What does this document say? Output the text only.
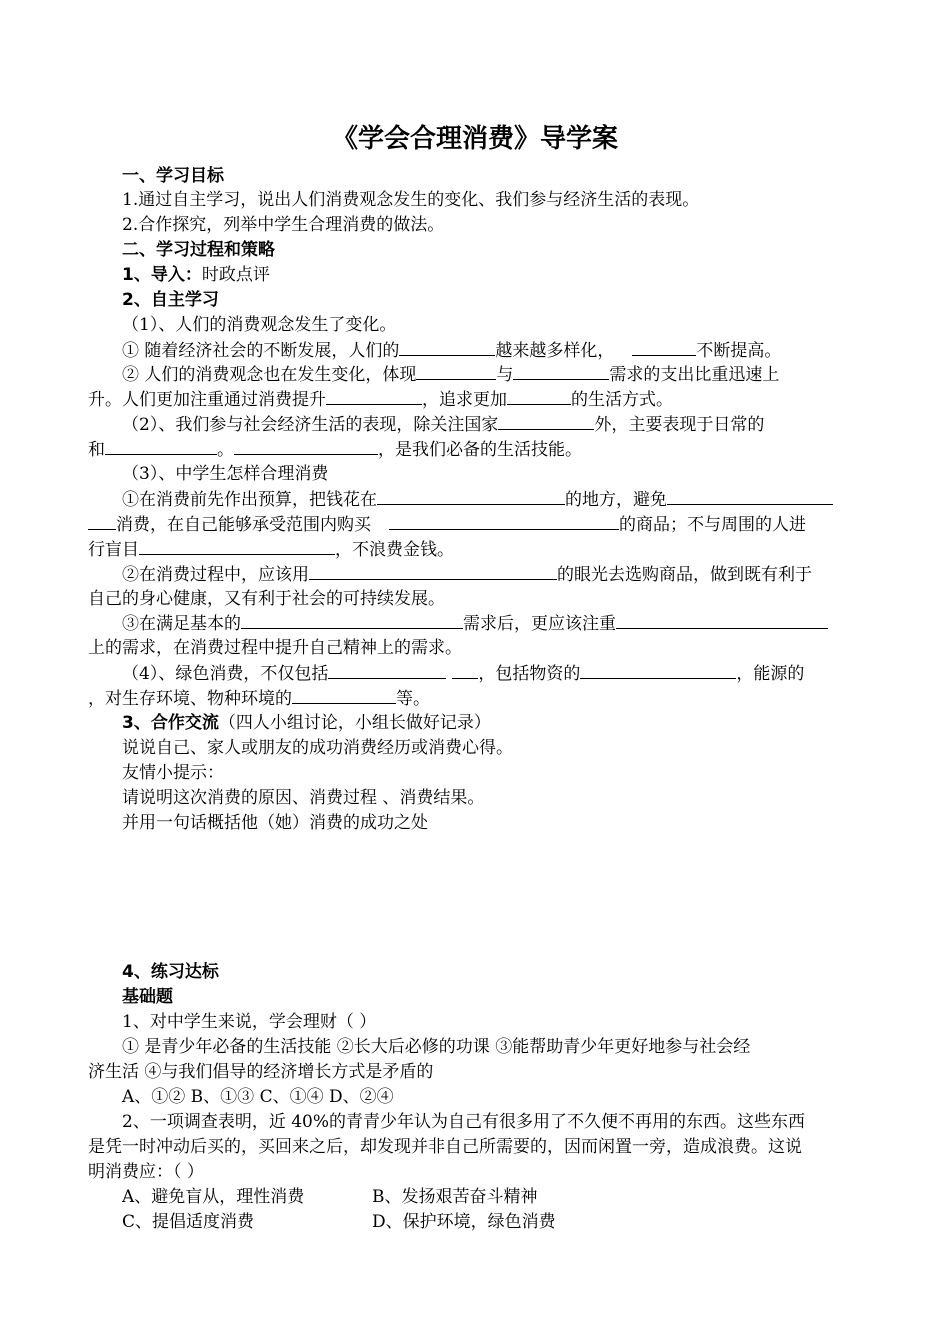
《学会合理消费》导学案
一、学习目标
1.通过自主学习，说出人们消费观念发生的变化、我们参与经济生活的表现。
2.合作探究，列举中学生合理消费的做法。
二、学习过程和策略
1、导入：时政点评
2、自主学习
（1）、人们的消费观念发生了变化。
① 随着经济社会的不断发展，人们的	越来越多样化，	不断提高。
② 人们的消费观念也在发生变化，体现	与	需求的支出比重迅速上
升。人们更加注重通过消费提升	，追求更加	的生活方式。
（2）、我们参与社会经济生活的表现，除关注国家	外，主要表现于日常的
和	。	，是我们必备的生活技能。
（3）、中学生怎样合理消费
①在消费前先作出预算，把钱花在	的地方，避免
消费，在自己能够承受范围内购买	的商品；不与周围的人进
行盲目	，不浪费金钱。
②在消费过程中，应该用	的眼光去选购商品，做到既有利于
自己的身心健康，又有利于社会的可持续发展。
③在满足基本的	需求后，更应该注重
上的需求，在消费过程中提升自己精神上的需求。
（4）、绿色消费，不仅包括	，包括物资的	，能源的
，对生存环境、物种环境的	等。
3、合作交流（四人小组讨论，小组长做好记录）
说说自己、家人或朋友的成功消费经历或消费心得。
友情小提示：
请说明这次消费的原因、消费过程 、消费结果。
并用一句话概括他（她）消费的成功之处
4、练习达标
基础题
1、对中学生来说，学会理财（ ）
① 是青少年必备的生活技能 ②长大后必修的功课 ③能帮助青少年更好地参与社会经
济生活 ④与我们倡导的经济增长方式是矛盾的
A、①② B、①③ C、①④ D、②④
2、一项调查表明，近 40%的青青少年认为自己有很多用了不久便不再用的东西。这些东西
是凭一时冲动后买的，买回来之后，却发现并非自己所需要的，因而闲置一旁，造成浪费。这说
明消费应：（ ）
A、避免盲从，理性消费	B、发扬艰苦奋斗精神
C、提倡适度消费	D、保护环境，绿色消费
